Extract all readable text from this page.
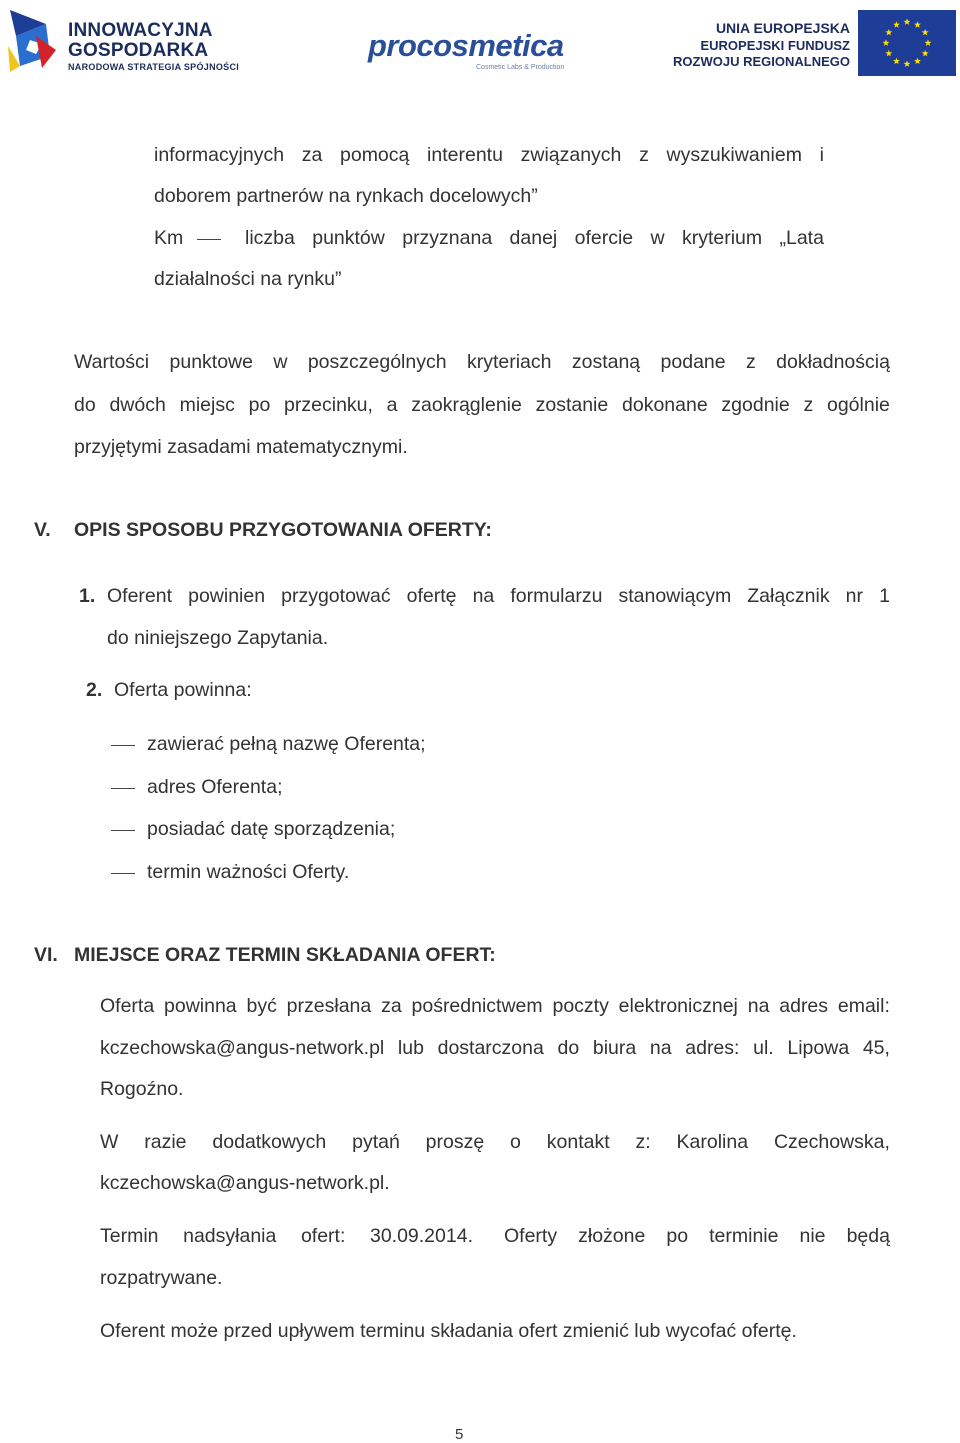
INNOWACYJNA
GOSPODARKA
NARODOWA STRATEGIA SPÓJNOŚCI
procosmetica
Cosmetic Labs & Production
UNIA EUROPEJSKA
EUROPEJSKI FUNDUSZ
ROZWOJU REGIONALNEGO
informacyjnych za pomocą interentu związanych z wyszukiwaniem i
doborem partnerów na rynkach docelowych”
Km	liczba punktów przyznana danej ofercie w kryterium „Lata
działalności na rynku”
Wartości punktowe w poszczególnych kryteriach zostaną podane z dokładnością
do dwóch miejsc po przecinku, a zaokrąglenie zostanie dokonane zgodnie z ogólnie
przyjętymi zasadami matematycznymi.
V. OPIS SPOSOBU PRZYGOTOWANIA OFERTY:
1. Oferent powinien przygotować ofertę na formularzu stanowiącym Załącznik nr 1
do niniejszego Zapytania.
2. Oferta powinna:
zawierać pełną nazwę Oferenta;
adres Oferenta;
posiadać datę sporządzenia;
termin ważności Oferty.
VI. MIEJSCE ORAZ TERMIN SKŁADANIA OFERT:
Oferta powinna być przesłana za pośrednictwem poczty elektronicznej na adres email:
kczechowska@angus-network.pl lub dostarczona do biura na adres: ul. Lipowa 45,
Rogoźno.
W razie dodatkowych pytań proszę o kontakt z: Karolina Czechowska,
kczechowska@angus-network.pl.
Termin nadsyłania ofert: 30.09.2014. Oferty złożone po terminie nie będą
rozpatrywane.
Oferent może przed upływem terminu składania ofert zmienić lub wycofać ofertę.
5
